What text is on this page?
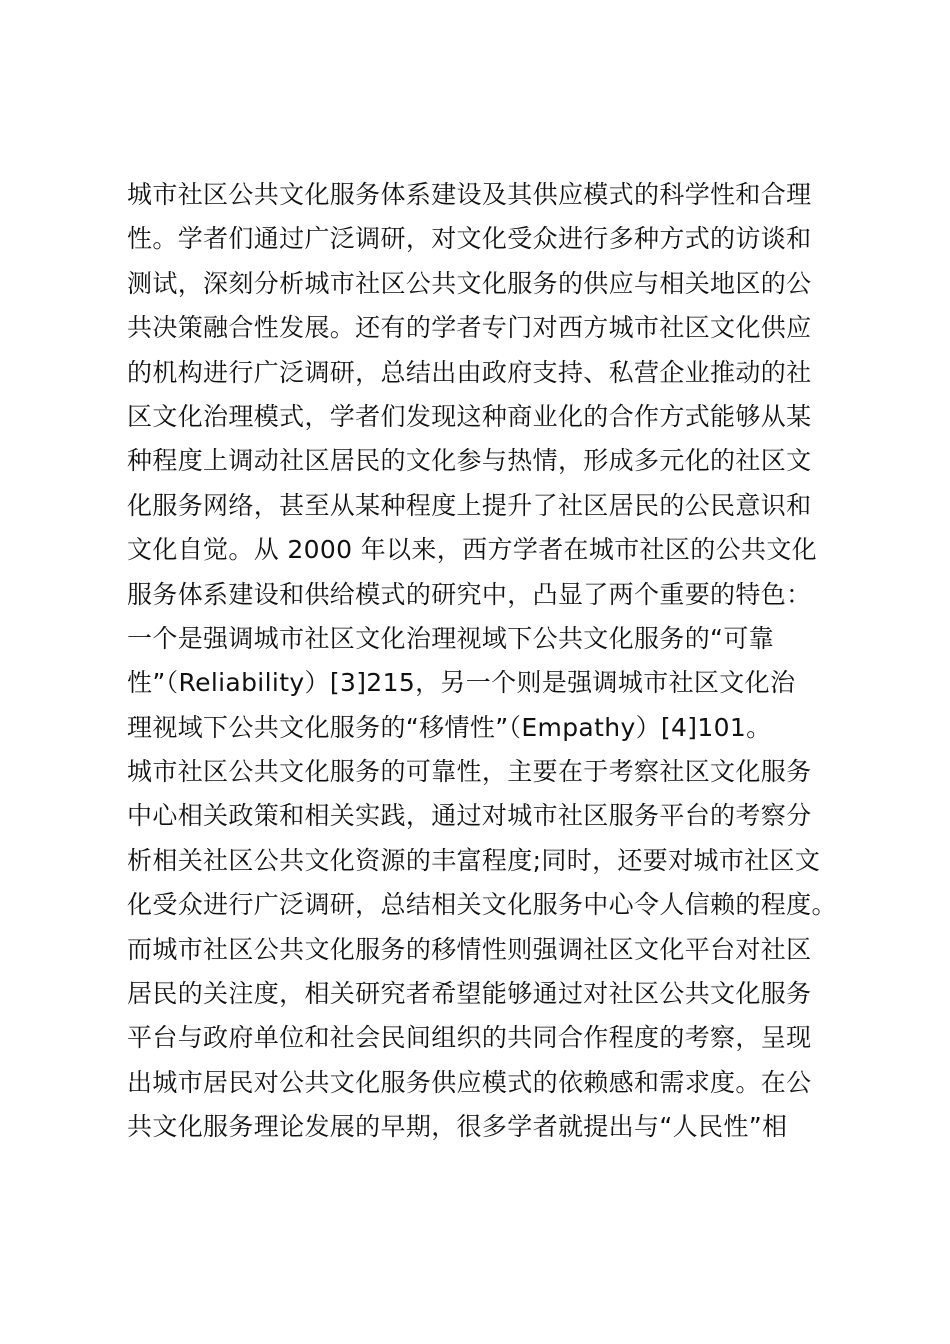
城市社区公共文化服务体系建设及其供应模式的科学性和合理
性。学者们通过广泛调研，对文化受众进行多种方式的访谈和
测试，深刻分析城市社区公共文化服务的供应与相关地区的公
共决策融合性发展。还有的学者专门对西方城市社区文化供应
的机构进行广泛调研，总结出由政府支持、私营企业推动的社
区文化治理模式，学者们发现这种商业化的合作方式能够从某
种程度上调动社区居民的文化参与热情，形成多元化的社区文
化服务网络，甚至从某种程度上提升了社区居民的公民意识和
文化自觉。从 2000 年以来，西方学者在城市社区的公共文化
服务体系建设和供给模式的研究中，凸显了两个重要的特色：
一个是强调城市社区文化治理视域下公共文化服务的“可靠
性”（Reliability）[3]215，另一个则是强调城市社区文化治
理视域下公共文化服务的“移情性”（Empathy）[4]101。
城市社区公共文化服务的可靠性，主要在于考察社区文化服务
中心相关政策和相关实践，通过对城市社区服务平台的考察分
析相关社区公共文化资源的丰富程度;同时，还要对城市社区文
化受众进行广泛调研，总结相关文化服务中心令人信赖的程度。
而城市社区公共文化服务的移情性则强调社区文化平台对社区
居民的关注度，相关研究者希望能够通过对社区公共文化服务
平台与政府单位和社会民间组织的共同合作程度的考察，呈现
出城市居民对公共文化服务供应模式的依赖感和需求度。在公
共文化服务理论发展的早期，很多学者就提出与“人民性”相
